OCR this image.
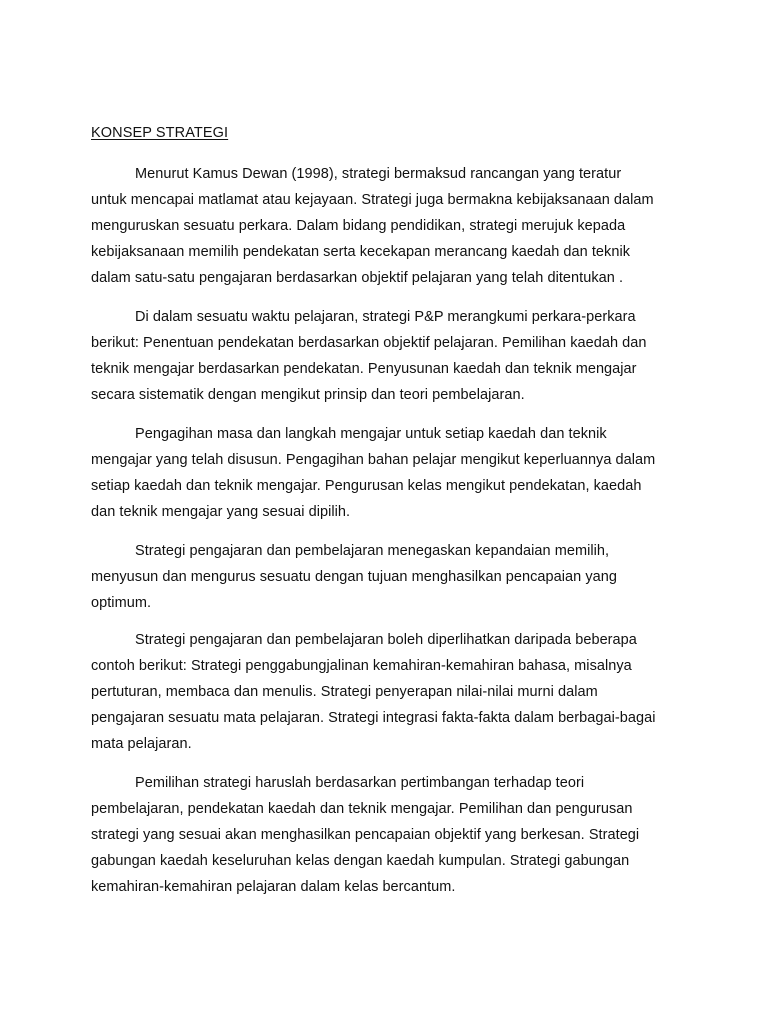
KONSEP STRATEGI
Menurut Kamus Dewan (1998), strategi bermaksud rancangan yang teratur
untuk mencapai matlamat atau kejayaan. Strategi juga bermakna kebijaksanaan dalam
menguruskan sesuatu perkara. Dalam bidang pendidikan, strategi merujuk kepada
kebijaksanaan memilih pendekatan serta kecekapan merancang kaedah dan teknik
dalam satu-satu pengajaran berdasarkan objektif pelajaran yang telah ditentukan .
Di dalam sesuatu waktu pelajaran, strategi P&P merangkumi perkara-perkara
berikut: Penentuan pendekatan berdasarkan objektif pelajaran. Pemilihan kaedah dan
teknik mengajar berdasarkan pendekatan. Penyusunan kaedah dan teknik mengajar
secara sistematik dengan mengikut prinsip dan teori pembelajaran.
Pengagihan masa dan langkah mengajar untuk setiap kaedah dan teknik
mengajar yang telah disusun. Pengagihan bahan pelajar mengikut keperluannya dalam
setiap kaedah dan teknik mengajar. Pengurusan kelas mengikut pendekatan, kaedah
dan teknik mengajar yang sesuai dipilih.
Strategi pengajaran dan pembelajaran menegaskan kepandaian memilih,
menyusun dan mengurus sesuatu dengan tujuan menghasilkan pencapaian yang
optimum.
Strategi pengajaran dan pembelajaran boleh diperlihatkan daripada beberapa
contoh berikut: Strategi penggabungjalinan kemahiran-kemahiran bahasa, misalnya
pertuturan, membaca dan menulis. Strategi penyerapan nilai-nilai murni dalam
pengajaran sesuatu mata pelajaran. Strategi integrasi fakta-fakta dalam berbagai-bagai
mata pelajaran.
Pemilihan strategi haruslah berdasarkan pertimbangan terhadap teori
pembelajaran, pendekatan kaedah dan teknik mengajar. Pemilihan dan pengurusan
strategi yang sesuai akan menghasilkan pencapaian objektif yang berkesan. Strategi
gabungan kaedah keseluruhan kelas dengan kaedah kumpulan. Strategi gabungan
kemahiran-kemahiran pelajaran dalam kelas bercantum.
